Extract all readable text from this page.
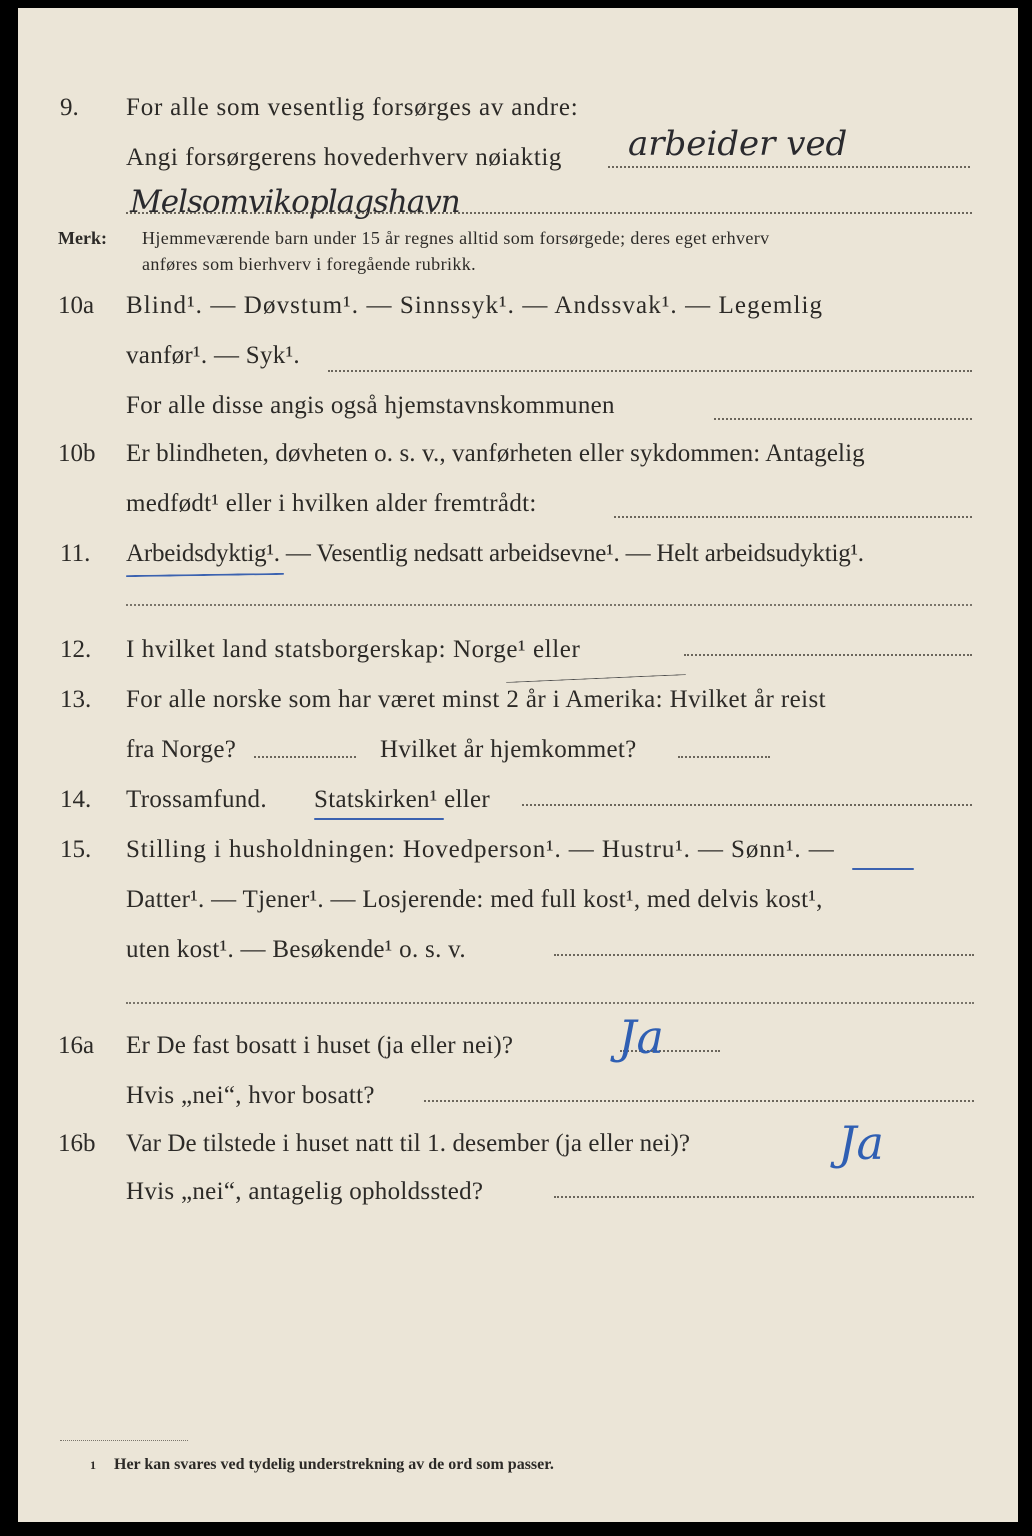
9. For alle som vesentlig forsørges av andre:
Angi forsørgerens hovederhverv nøiaktig arbeider ved
Melsomvikoplagshavn
Merk: Hjemmeværende barn under 15 år regnes alltid som forsørgede; deres eget erhverv
anføres som bierhverv i foregående rubrikk.
10a Blind¹. — Døvstum¹. — Sinnssyk¹. — Andssvak¹. — Legemlig
vanfør¹. — Syk¹.
For alle disse angis også hjemstavnskommunen
10b Er blindheten, døvheten o. s. v., vanførheten eller sykdommen: Antagelig
medfødt¹ eller i hvilken alder fremtrådt:
11. Arbeidsdyktig¹. — Vesentlig nedsatt arbeidsevne¹. — Helt arbeidsudyktig¹.
12. I hvilket land statsborgerskap: Norge¹ eller
13. For alle norske som har været minst 2 år i Amerika: Hvilket år reist
fra Norge?	Hvilket år hjemkommet?
14. Trossamfund. Statskirken¹ eller
15. Stilling i husholdningen: Hovedperson¹. — Hustru¹. — Sønn¹. —
Datter¹. — Tjener¹. — Losjerende: med full kost¹, med delvis kost¹,
uten kost¹. — Besøkende¹ o. s. v.
16a Er De fast bosatt i huset (ja eller nei)? Ja
Hvis „nei“, hvor bosatt?
16b Var De tilstede i huset natt til 1. desember (ja eller nei)?	Ja
Hvis „nei“, antagelig opholdssted?
1 Her kan svares ved tydelig understrekning av de ord som passer.
